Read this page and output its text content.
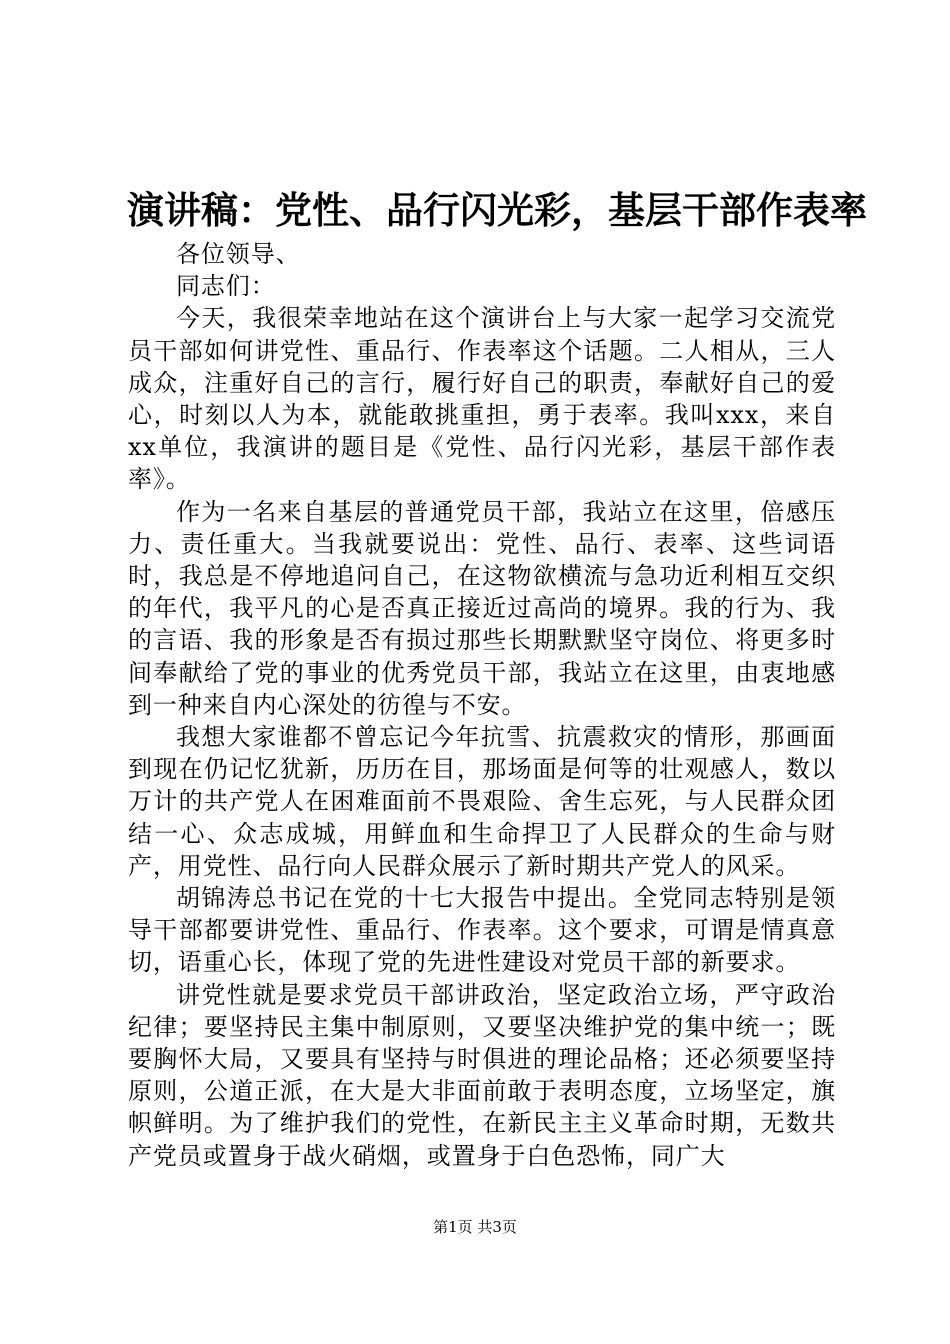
演讲稿：党性、品行闪光彩，基层干部作表率

各位领导、

同志们：

今天，我很荣幸地站在这个演讲台上与大家一起学习交流党员干部如何讲党性、重品行、作表率这个话题。二人相从，三人成众，注重好自己的言行，履行好自己的职责，奉献好自己的爱心，时刻以人为本，就能敢挑重担，勇于表率。我叫xxx，来自xx单位，我演讲的题目是《党性、品行闪光彩，基层干部作表率》。

作为一名来自基层的普通党员干部，我站立在这里，倍感压力、责任重大。当我就要说出：党性、品行、表率、这些词语时，我总是不停地追问自己，在这物欲横流与急功近利相互交织的年代，我平凡的心是否真正接近过高尚的境界。我的行为、我的言语、我的形象是否有损过那些长期默默坚守岗位、将更多时间奉献给了党的事业的优秀党员干部，我站立在这里，由衷地感到一种来自内心深处的彷徨与不安。

我想大家谁都不曾忘记今年抗雪、抗震救灾的情形，那画面到现在仍记忆犹新，历历在目，那场面是何等的壮观感人，数以万计的共产党人在困难面前不畏艰险、舍生忘死，与人民群众团结一心、众志成城，用鲜血和生命捍卫了人民群众的生命与财产，用党性、品行向人民群众展示了新时期共产党人的风采。

胡锦涛总书记在党的十七大报告中提出。全党同志特别是领导干部都要讲党性、重品行、作表率。这个要求，可谓是情真意切，语重心长，体现了党的先进性建设对党员干部的新要求。

讲党性就是要求党员干部讲政治，坚定政治立场，严守政治纪律；要坚持民主集中制原则，又要坚决维护党的集中统一；既要胸怀大局，又要具有坚持与时俱进的理论品格；还必须要坚持原则，公道正派，在大是大非面前敢于表明态度，立场坚定，旗帜鲜明。为了维护我们的党性，在新民主主义革命时期，无数共产党员或置身于战火硝烟，或置身于白色恐怖，同广大

第1页 共3页
